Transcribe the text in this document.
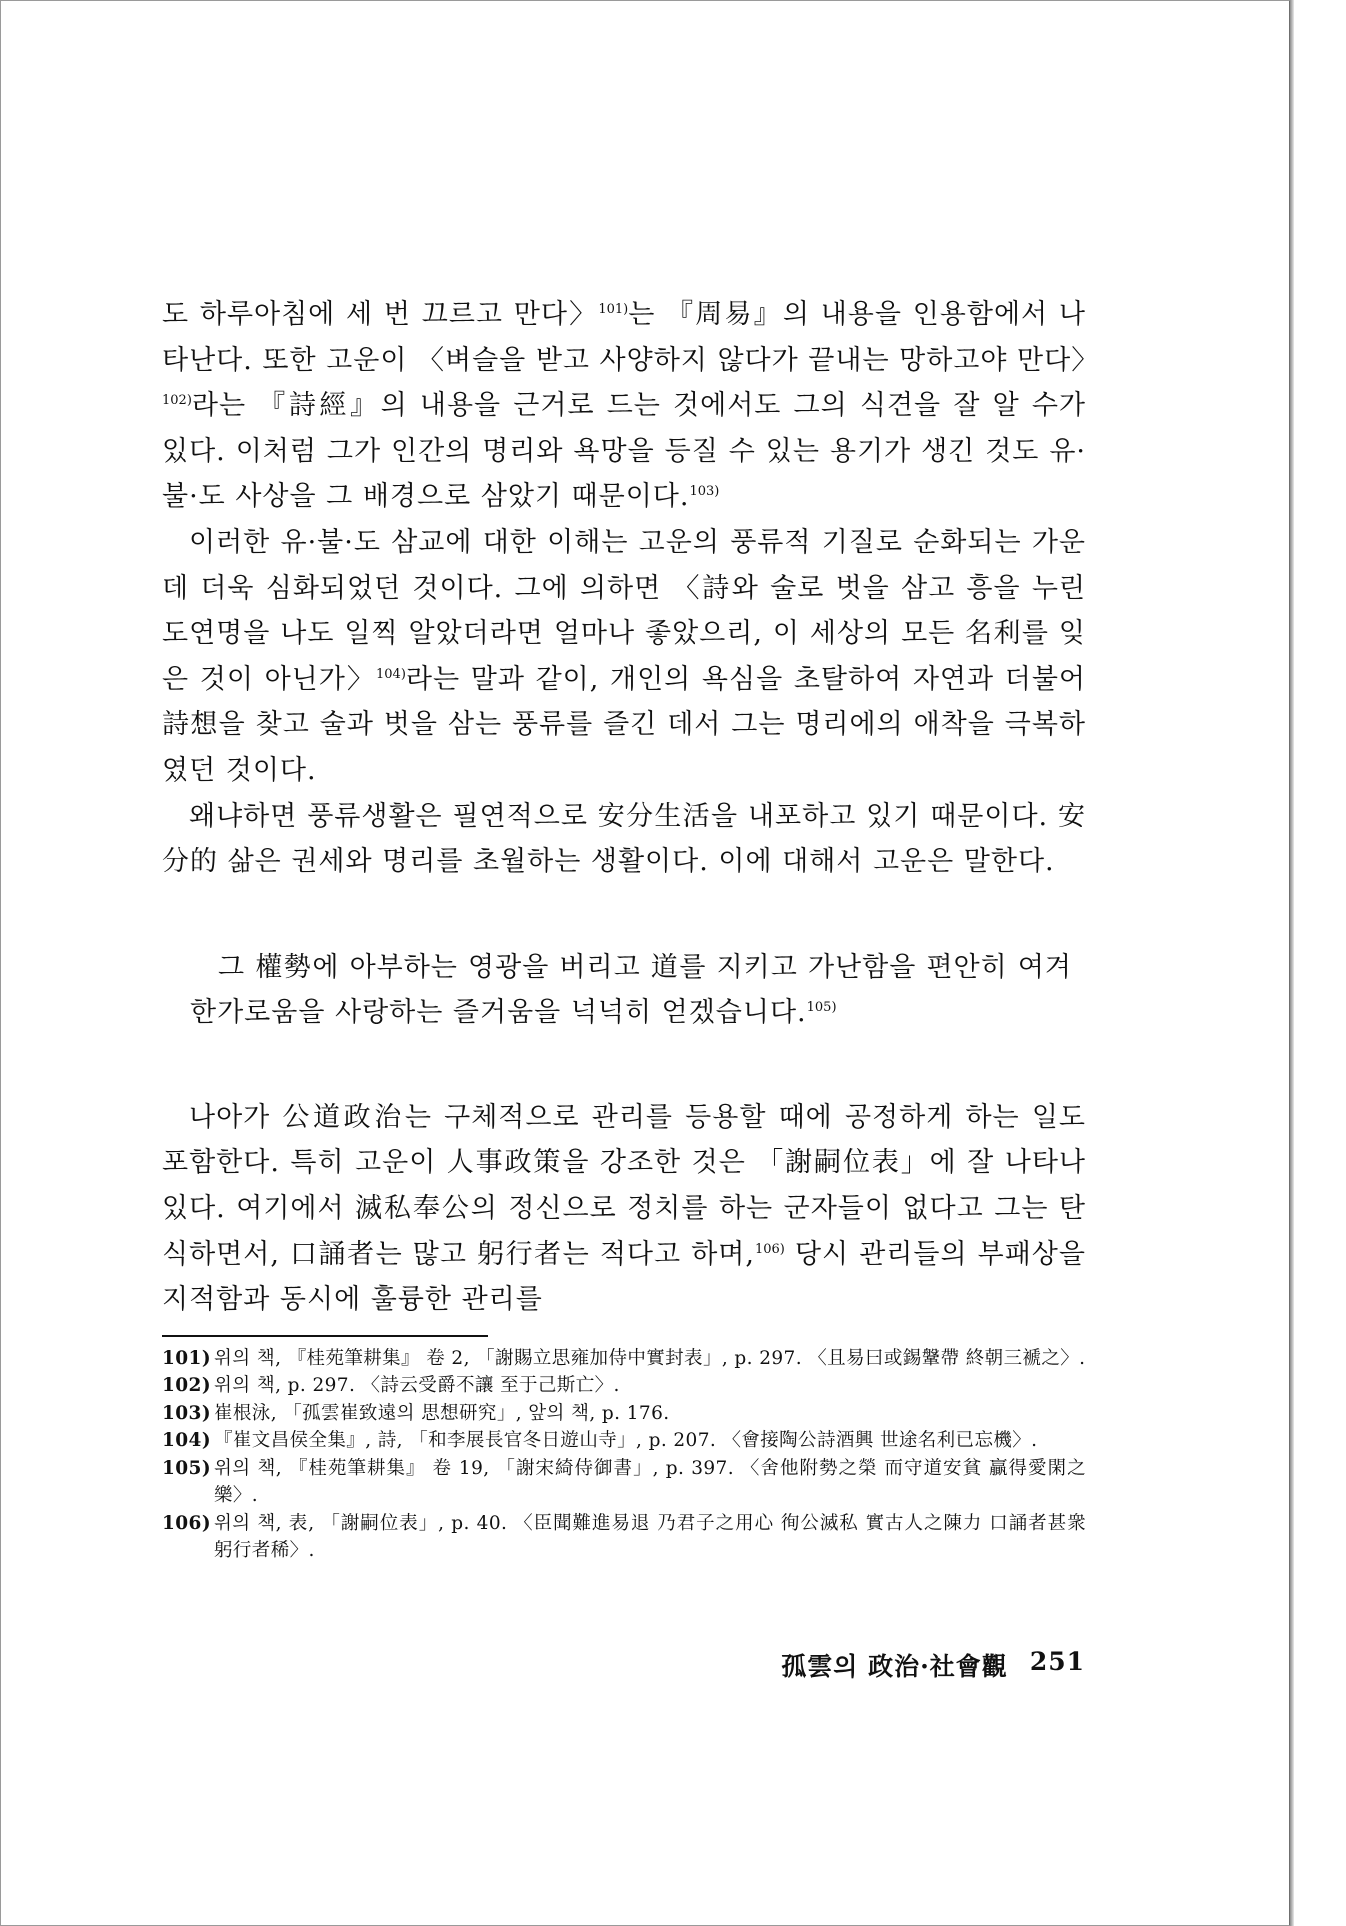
도 하루아침에 세 번 끄르고 만다〉$^{101)}$는 『周易』의 내용을 인용함에서 나타난다. 또한 고운이 〈벼슬을 받고 사양하지 않다가 끝내는 망하고야 만다〉$^{102)}$라는 『詩經』의 내용을 근거로 드는 것에서도 그의 식견을 잘 알 수가 있다. 이처럼 그가 인간의 명리와 욕망을 등질 수 있는 용기가 생긴 것도 유·불·도 사상을 그 배경으로 삼았기 때문이다.$^{103)}$

이러한 유·불·도 삼교에 대한 이해는 고운의 풍류적 기질로 순화되는 가운데 더욱 심화되었던 것이다. 그에 의하면 〈詩와 술로 벗을 삼고 흥을 누린 도연명을 나도 일찍 알았더라면 얼마나 좋았으리, 이 세상의 모든 名利를 잊은 것이 아닌가〉$^{104)}$라는 말과 같이, 개인의 욕심을 초탈하여 자연과 더불어 詩想을 찾고 술과 벗을 삼는 풍류를 즐긴 데서 그는 명리에의 애착을 극복하였던 것이다.

왜냐하면 풍류생활은 필연적으로 安分生活을 내포하고 있기 때문이다. 安分的 삶은 권세와 명리를 초월하는 생활이다. 이에 대해서 고운은 말한다.

그 權勢에 아부하는 영광을 버리고 道를 지키고 가난함을 편안히 여겨 한가로움을 사랑하는 즐거움을 넉넉히 얻겠습니다.$^{105)}$

나아가 公道政治는 구체적으로 관리를 등용할 때에 공정하게 하는 일도 포함한다. 특히 고운이 人事政策을 강조한 것은 「謝嗣位表」에 잘 나타나 있다. 여기에서 滅私奉公의 정신으로 정치를 하는 군자들이 없다고 그는 탄식하면서, 口誦者는 많고 躬行者는 적다고 하며,$^{106)}$ 당시 관리들의 부패상을 지적함과 동시에 훌륭한 관리를

101) 위의 책, 『桂苑筆耕集』 卷 2, 「謝賜立思雍加侍中實封表」, p. 297. 〈且易曰或錫鞶帶 終朝三褫之〉.
102) 위의 책, p. 297. 〈詩云受爵不讓 至于己斯亡〉.
103) 崔根泳, 「孤雲崔致遠의 思想研究」, 앞의 책, p. 176.
104) 『崔文昌侯全集』, 詩, 「和李展長官冬日遊山寺」, p. 207. 〈會接陶公詩酒興 世途名利已忘機〉.
105) 위의 책, 『桂苑筆耕集』 卷 19, 「謝宋綺侍御書」, p. 397. 〈舍他附勢之榮 而守道安貧 贏得愛閑之樂〉.
106) 위의 책, 表, 「謝嗣位表」, p. 40. 〈臣聞難進易退 乃君子之用心 徇公滅私 實古人之陳力 口誦者甚衆 躬行者稀〉.
孤雲의 政治·社會觀 251
